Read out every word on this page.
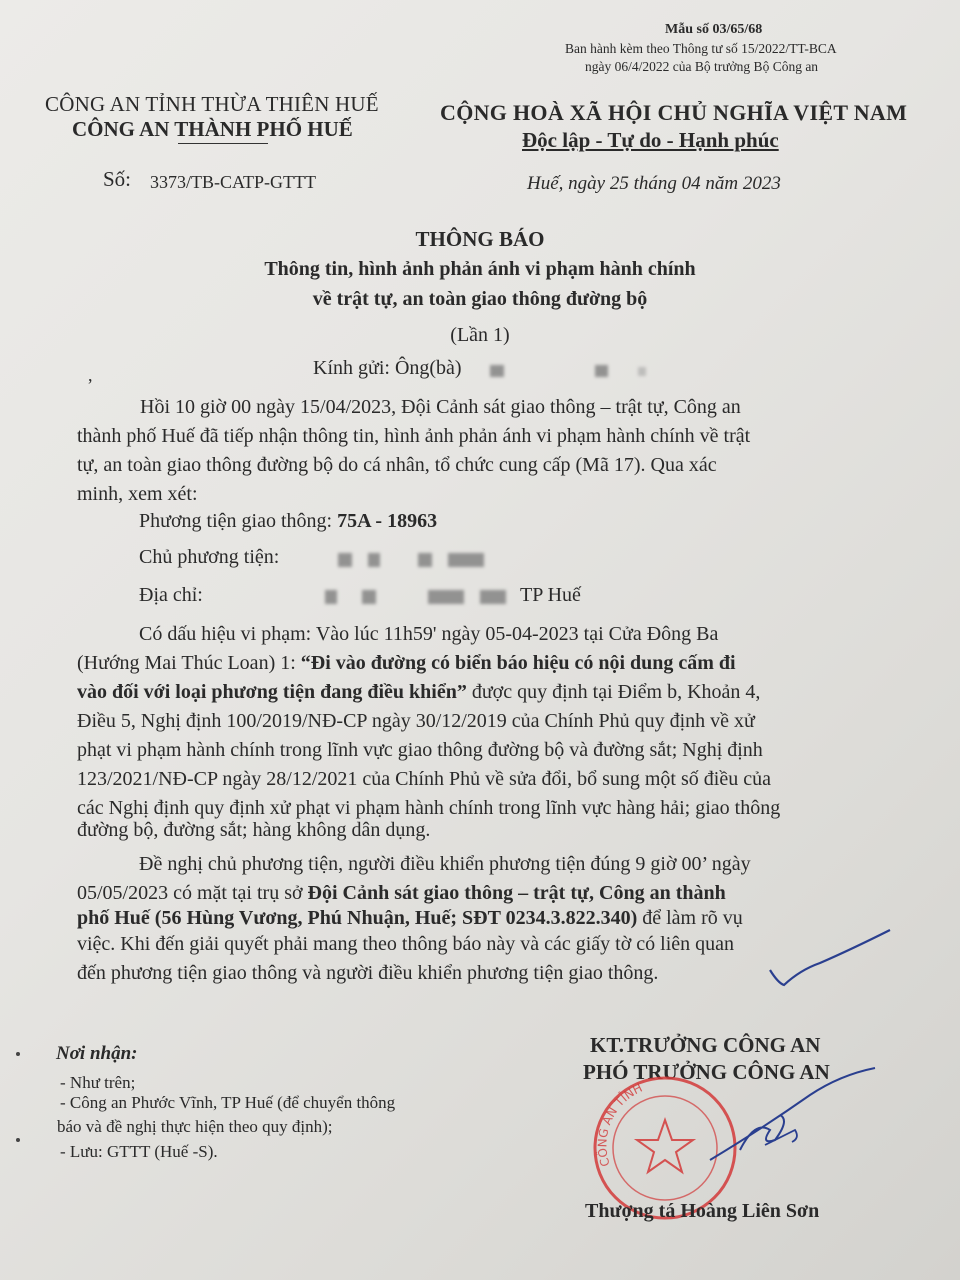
Mẫu số 03/65/68
Ban hành kèm theo Thông tư số 15/2022/TT-BCA
ngày 06/4/2022 của Bộ trưởng Bộ Công an
CÔNG AN TỈNH THỪA THIÊN HUẾ
CÔNG AN THÀNH PHỐ HUẾ
CỘNG HOÀ XÃ HỘI CHỦ NGHĨA VIỆT NAM
Độc lập - Tự do - Hạnh phúc
Số: 3373/TB-CATP-GTTT	Huế, ngày 25 tháng 04 năm 2023
THÔNG BÁO
Thông tin, hình ảnh phản ánh vi phạm hành chính
về trật tự, an toàn giao thông đường bộ
(Lần 1)
,	Kính gửi: Ông(bà)
Hồi 10 giờ 00 ngày 15/04/2023, Đội Cảnh sát giao thông – trật tự, Công an
thành phố Huế đã tiếp nhận thông tin, hình ảnh phản ánh vi phạm hành chính về trật
tự, an toàn giao thông đường bộ do cá nhân, tổ chức cung cấp (Mã 17). Qua xác
minh, xem xét:
Phương tiện giao thông: 75A - 18963
Chủ phương tiện:
Địa chỉ:	TP Huế
Có dấu hiệu vi phạm: Vào lúc 11h59' ngày 05-04-2023 tại Cửa Đông Ba
(Hướng Mai Thúc Loan) 1: “Đi vào đường có biển báo hiệu có nội dung cấm đi
vào đối với loại phương tiện đang điều khiển” được quy định tại Điểm b, Khoản 4,
Điều 5, Nghị định 100/2019/NĐ-CP ngày 30/12/2019 của Chính Phủ quy định về xử
phạt vi phạm hành chính trong lĩnh vực giao thông đường bộ và đường sắt; Nghị định
123/2021/NĐ-CP ngày 28/12/2021 của Chính Phủ về sửa đổi, bổ sung một số điều của
các Nghị định quy định xử phạt vi phạm hành chính trong lĩnh vực hàng hải; giao thông
đường bộ, đường sắt; hàng không dân dụng.
Đề nghị chủ phương tiện, người điều khiển phương tiện đúng 9 giờ 00’ ngày
05/05/2023 có mặt tại trụ sở Đội Cảnh sát giao thông – trật tự, Công an thành
phố Huế (56 Hùng Vương, Phú Nhuận, Huế; SĐT 0234.3.822.340) để làm rõ vụ
việc. Khi đến giải quyết phải mang theo thông báo này và các giấy tờ có liên quan
đến phương tiện giao thông và người điều khiển phương tiện giao thông.
Nơi nhận:
- Như trên;
- Công an Phước Vĩnh, TP Huế (để chuyển thông
báo và đề nghị thực hiện theo quy định);
- Lưu: GTTT (Huế -S).
KT.TRƯỞNG CÔNG AN
PHÓ TRƯỞNG CÔNG AN
CÔNG AN TỈNH
Thượng tá Hoàng Liên Sơn
